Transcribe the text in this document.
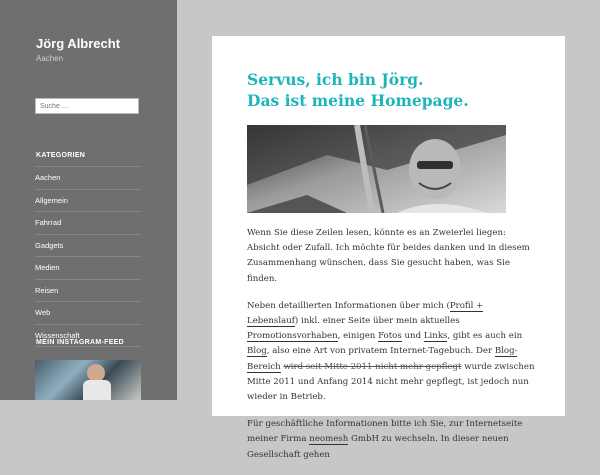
Jörg Albrecht
Aachen
Suche …
KATEGORIEN
Aachen
Allgemein
Fahrrad
Gadgets
Medien
Reisen
Web
Wissenschaft
MEIN INSTAGRAM-FEED
Servus, ich bin Jörg.
Das ist meine Homepage.

Wenn Sie diese Zeilen lesen, könnte es an Zweierlei liegen: Absicht oder Zufall. Ich möchte für beides danken und in diesem Zusammenhang wünschen, dass Sie gesucht haben, was Sie finden.

Neben detaillierten Informationen über mich (Profil + Lebenslauf) inkl. einer Seite über mein aktuelles Promotionsvorhaben, einigen Fotos und Links, gibt es auch ein Blog, also eine Art von privatem Internet-Tagebuch. Der Blog-Bereich wird seit Mitte 2011 nicht mehr gepflegt wurde zwischen Mitte 2011 und Anfang 2014 nicht mehr gepflegt, ist jedoch nun wieder in Betrieb.

Für geschäftliche Informationen bitte ich Sie, zur Internetseite meiner Firma neomesh GmbH zu wechseln. In dieser neuen Gesellschaft gehen
